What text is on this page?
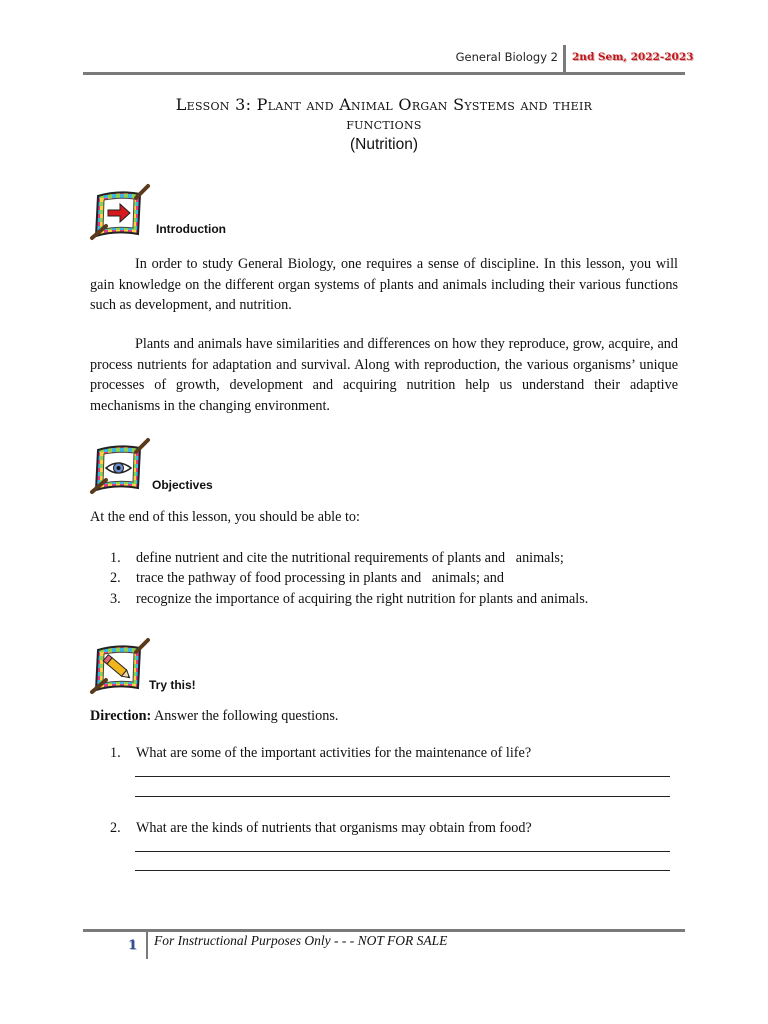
General Biology 2 2nd Sem, 2022-2023
Lesson 3: Plant and Animal Organ Systems and their
functions
(Nutrition)
Introduction
In order to study General Biology, one requires a sense of discipline. In this lesson, you will gain knowledge on the different organ systems of plants and animals including their various functions such as development, and nutrition.
Plants and animals have similarities and differences on how they reproduce, grow, acquire, and process nutrients for adaptation and survival. Along with reproduction, the various organisms’ unique processes of growth, development and acquiring nutrition help us understand their adaptive mechanisms in the changing environment.
Objectives
At the end of this lesson, you should be able to:
1. define nutrient and cite the nutritional requirements of plants and   animals;
2. trace the pathway of food processing in plants and   animals; and
3. recognize the importance of acquiring the right nutrition for plants and animals.
Try this!
Direction: Answer the following questions.
1. What are some of the important activities for the maintenance of life?
2. What are the kinds of nutrients that organisms may obtain from food?
1 For Instructional Purposes Only - - - NOT FOR SALE
